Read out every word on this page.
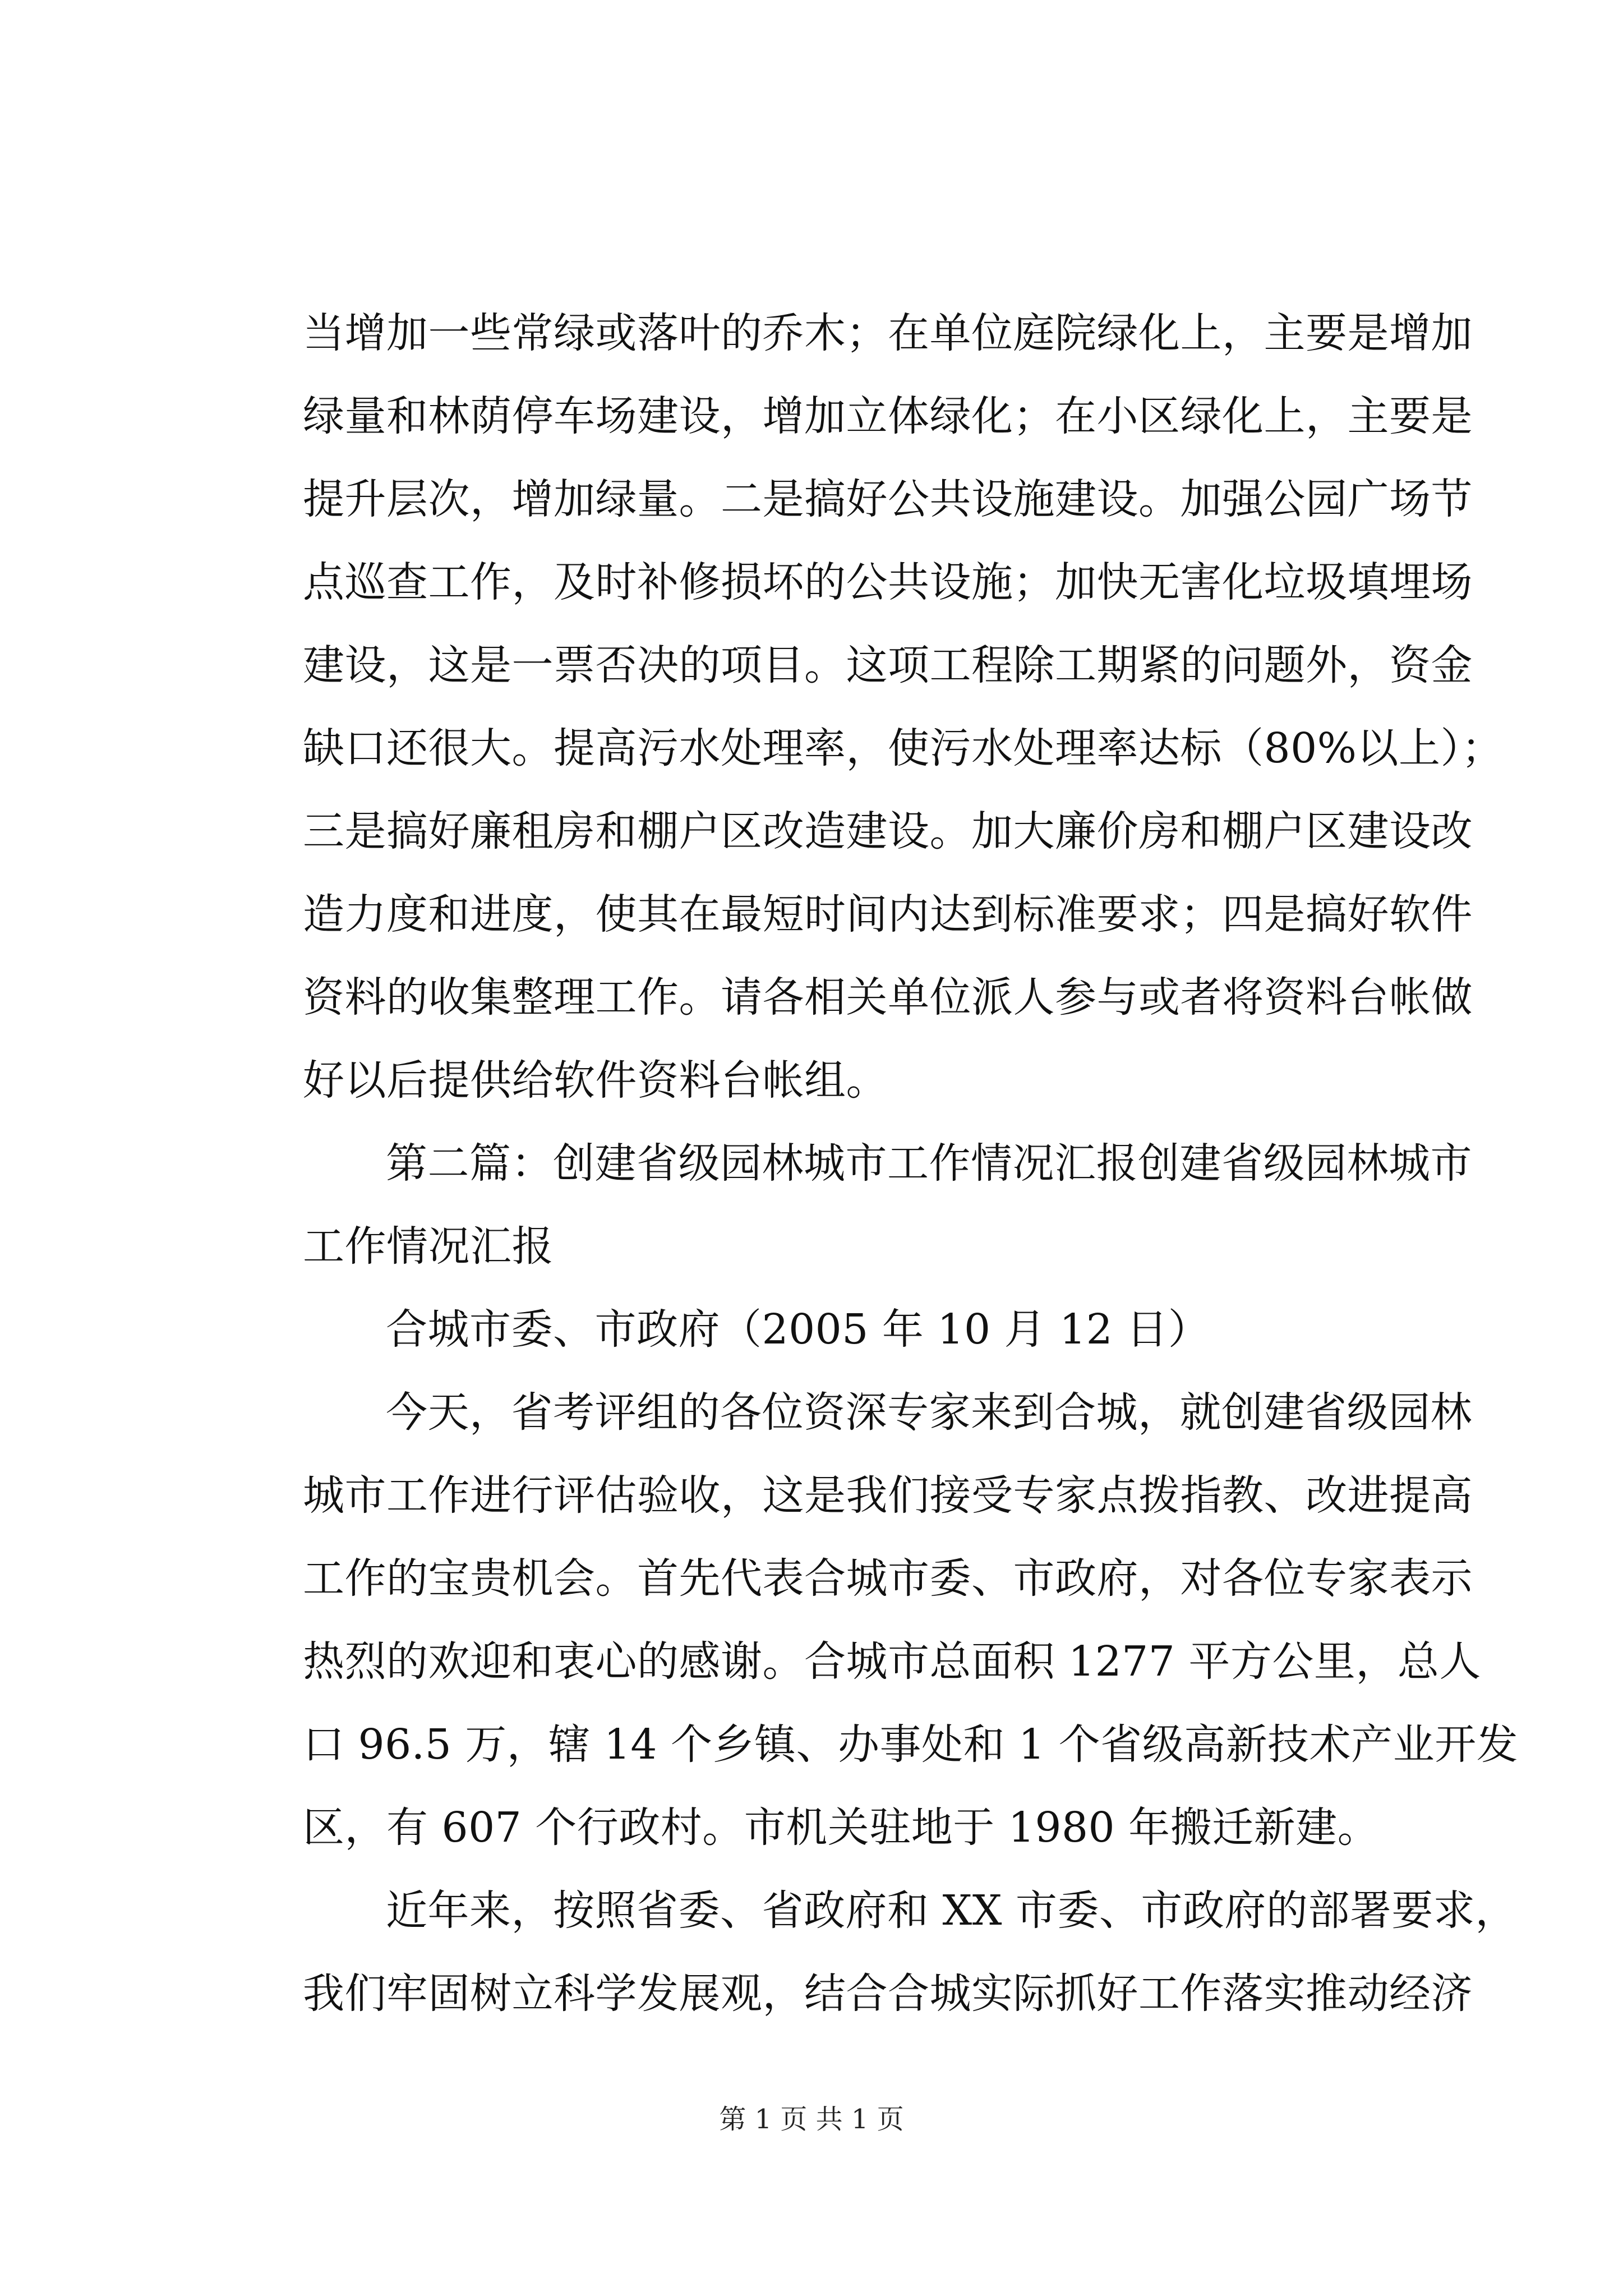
当增加一些常绿或落叶的乔木；在单位庭院绿化上，主要是增加
绿量和林荫停车场建设，增加立体绿化；在小区绿化上，主要是
提升层次，增加绿量。二是搞好公共设施建设。加强公园广场节
点巡查工作，及时补修损坏的公共设施；加快无害化垃圾填埋场
建设，这是一票否决的项目。这项工程除工期紧的问题外，资金
缺口还很大。提高污水处理率，使污水处理率达标（80%以上）；
三是搞好廉租房和棚户区改造建设。加大廉价房和棚户区建设改
造力度和进度，使其在最短时间内达到标准要求；四是搞好软件
资料的收集整理工作。请各相关单位派人参与或者将资料台帐做
好以后提供给软件资料台帐组。
第二篇：创建省级园林城市工作情况汇报创建省级园林城市
工作情况汇报
合城市委、市政府（2005 年 10 月 12 日）
今天，省考评组的各位资深专家来到合城，就创建省级园林
城市工作进行评估验收，这是我们接受专家点拨指教、改进提高
工作的宝贵机会。首先代表合城市委、市政府，对各位专家表示
热烈的欢迎和衷心的感谢。合城市总面积 1277 平方公里，总人
口 96.5 万，辖 14 个乡镇、办事处和 1 个省级高新技术产业开发
区，有 607 个行政村。市机关驻地于 1980 年搬迁新建。
近年来，按照省委、省政府和 XX 市委、市政府的部署要求，
我们牢固树立科学发展观，结合合城实际抓好工作落实推动经济
第 1 页 共 1 页
